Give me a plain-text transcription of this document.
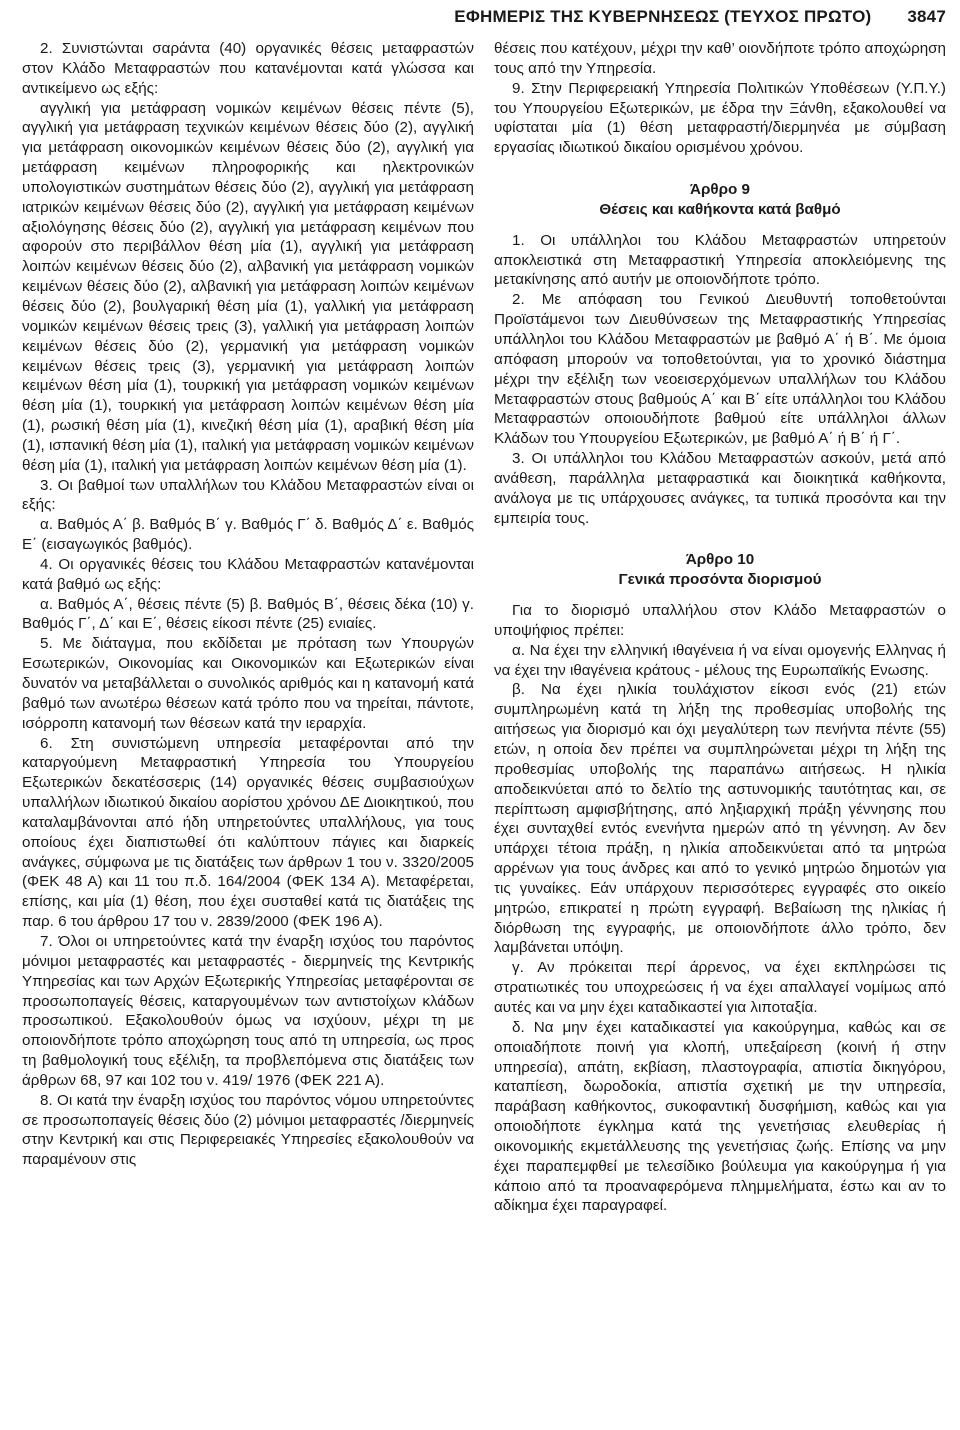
ΕΦΗΜΕΡΙΣ ΤΗΣ ΚΥΒΕΡΝΗΣΕΩΣ (ΤΕΥΧΟΣ ΠΡΩΤΟ) 3847

2. Συνιστώνται σαράντα (40) οργανικές θέσεις μεταφραστών στον Κλάδο Μεταφραστών που κατανέμονται κατά γλώσσα και αντικείμενο ως εξής:

αγγλική για μετάφραση νομικών κειμένων θέσεις πέντε (5), αγγλική για μετάφραση τεχνικών κειμένων θέσεις δύο (2), αγγλική για μετάφραση οικονομικών κειμένων θέσεις δύο (2), αγγλική για μετάφραση κειμένων πληροφορικής και ηλεκτρονικών υπολογιστικών συστημάτων θέσεις δύο (2), αγγλική για μετάφραση ιατρικών κειμένων θέσεις δύο (2), αγγλική για μετάφραση κειμένων αξιολόγησης θέσεις δύο (2), αγγλική για μετάφραση κειμένων που αφορούν στο περιβάλλον θέση μία (1), αγγλική για μετάφραση λοιπών κειμένων θέσεις δύο (2), αλβανική για μετάφραση νομικών κειμένων θέσεις δύο (2), αλβανική για μετάφραση λοιπών κειμένων θέσεις δύο (2), βουλγαρική θέση μία (1), γαλλική για μετάφραση νομικών κειμένων θέσεις τρεις (3), γαλλική για μετάφραση λοιπών κειμένων θέσεις δύο (2), γερμανική για μετάφραση νομικών κειμένων θέσεις τρεις (3), γερμανική για μετάφραση λοιπών κειμένων θέση μία (1), τουρκική για μετάφραση νομικών κειμένων θέση μία (1), τουρκική για μετάφραση λοιπών κειμένων θέση μία (1), ρωσική θέση μία (1), κινεζική θέση μία (1), αραβική θέση μία (1), ισπανική θέση μία (1), ιταλική για μετάφραση νομικών κειμένων θέση μία (1), ιταλική για μετάφραση λοιπών κειμένων θέση μία (1).

3. Οι βαθμοί των υπαλλήλων του Κλάδου Μεταφραστών είναι οι εξής:

α. Βαθμός Α΄ β. Βαθμός Β΄ γ. Βαθμός Γ΄ δ. Βαθμός Δ΄ ε. Βαθμός Ε΄ (εισαγωγικός βαθμός).

4. Οι οργανικές θέσεις του Κλάδου Μεταφραστών κατανέμονται κατά βαθμό ως εξής:

α. Βαθμός Α΄, θέσεις πέντε (5) β. Βαθμός Β΄, θέσεις δέκα (10) γ. Βαθμός Γ΄, Δ΄ και Ε΄, θέσεις είκοσι πέντε (25) ενιαίες.

5. Με διάταγμα, που εκδίδεται με πρόταση των Υπουργών Εσωτερικών, Οικονομίας και Οικονομικών και Εξωτερικών είναι δυνατόν να μεταβάλλεται ο συνολικός αριθμός και η κατανομή κατά βαθμό των ανωτέρω θέσεων κατά τρόπο που να τηρείται, πάντοτε, ισόρροπη κατανομή των θέσεων κατά την ιεραρχία.

6. Στη συνιστώμενη υπηρεσία μεταφέρονται από την καταργούμενη Μεταφραστική Υπηρεσία του Υπουργείου Εξωτερικών δεκατέσσερις (14) οργανικές θέσεις συμβασιούχων υπαλλήλων ιδιωτικού δικαίου αορίστου χρόνου ΔΕ Διοικητικού, που καταλαμβάνονται από ήδη υπηρετούντες υπαλλήλους, για τους οποίους έχει διαπιστωθεί ότι καλύπτουν πάγιες και διαρκείς ανάγκες, σύμφωνα με τις διατάξεις των άρθρων 1 του ν. 3320/2005 (ΦΕΚ 48 Α) και 11 του π.δ. 164/2004 (ΦΕΚ 134 Α). Μεταφέρεται, επίσης, και μία (1) θέση, που έχει συσταθεί κατά τις διατάξεις της παρ. 6 του άρθρου 17 του ν. 2839/2000 (ΦΕΚ 196 Α).

7. Όλοι οι υπηρετούντες κατά την έναρξη ισχύος του παρόντος μόνιμοι μεταφραστές και μεταφραστές - διερμηνείς της Κεντρικής Υπηρεσίας και των Αρχών Εξωτερικής Υπηρεσίας μεταφέρονται σε προσωποπαγείς θέσεις, καταργουμένων των αντιστοίχων κλάδων προσωπικού. Εξακολουθούν όμως να ισχύουν, μέχρι τη με οποιονδήποτε τρόπο αποχώρηση τους από τη υπηρεσία, ως προς τη βαθμολογική τους εξέλιξη, τα προβλεπόμενα στις διατάξεις των άρθρων 68, 97 και 102 του ν. 419/ 1976 (ΦΕΚ 221 Α).

8. Οι κατά την έναρξη ισχύος του παρόντος νόμου υπηρετούντες σε προσωποπαγείς θέσεις δύο (2) μόνιμοι μεταφραστές /διερμηνείς στην Κεντρική και στις Περιφερειακές Υπηρεσίες εξακολουθούν να παραμένουν στις

θέσεις που κατέχουν, μέχρι την καθ’ οιονδήποτε τρόπο αποχώρηση τους από την Υπηρεσία.

9. Στην Περιφερειακή Υπηρεσία Πολιτικών Υποθέσεων (Υ.Π.Υ.) του Υπουργείου Εξωτερικών, με έδρα την Ξάνθη, εξακολουθεί να υφίσταται μία (1) θέση μεταφραστή/διερμηνέα με σύμβαση εργασίας ιδιωτικού δικαίου ορισμένου χρόνου.

Άρθρο 9
Θέσεις και καθήκοντα κατά βαθμό

1. Οι υπάλληλοι του Κλάδου Μεταφραστών υπηρετούν αποκλειστικά στη Μεταφραστική Υπηρεσία αποκλειόμενης της μετακίνησης από αυτήν με οποιονδήποτε τρόπο.

2. Με απόφαση του Γενικού Διευθυντή τοποθετούνται Προϊστάμενοι των Διευθύνσεων της Μεταφραστικής Υπηρεσίας υπάλληλοι του Κλάδου Μεταφραστών με βαθμό Α΄ ή Β΄. Με όμοια απόφαση μπορούν να τοποθετούνται, για το χρονικό διάστημα μέχρι την εξέλιξη των νεοεισερχόμενων υπαλλήλων του Κλάδου Μεταφραστών στους βαθμούς Α΄ και Β΄ είτε υπάλληλοι του Κλάδου Μεταφραστών οποιουδήποτε βαθμού είτε υπάλληλοι άλλων Κλάδων του Υπουργείου Εξωτερικών, με βαθμό Α΄ ή Β΄ ή Γ΄.

3. Οι υπάλληλοι του Κλάδου Μεταφραστών ασκούν, μετά από ανάθεση, παράλληλα μεταφραστικά και διοικητικά καθήκοντα, ανάλογα με τις υπάρχουσες ανάγκες, τα τυπικά προσόντα και την εμπειρία τους.

Άρθρο 10
Γενικά προσόντα διορισμού

Για το διορισμό υπαλλήλου στον Κλάδο Μεταφραστών ο υποψήφιος πρέπει:

α. Να έχει την ελληνική ιθαγένεια ή να είναι ομογενής Ελληνας ή να έχει την ιθαγένεια κράτους - μέλους της Ευρωπαϊκής Ενωσης.

β. Να έχει ηλικία τουλάχιστον είκοσι ενός (21) ετών συμπληρωμένη κατά τη λήξη της προθεσμίας υποβολής της αιτήσεως για διορισμό και όχι μεγαλύτερη των πενήντα πέντε (55) ετών, η οποία δεν πρέπει να συμπληρώνεται μέχρι τη λήξη της προθεσμίας υποβολής της παραπάνω αιτήσεως. Η ηλικία αποδεικνύεται από το δελτίο της αστυνομικής ταυτότητας και, σε περίπτωση αμφισβήτησης, από ληξιαρχική πράξη γέννησης που έχει συνταχθεί εντός ενενήντα ημερών από τη γέννηση. Αν δεν υπάρχει τέτοια πράξη, η ηλικία αποδεικνύεται από τα μητρώα αρρένων για τους άνδρες και από το γενικό μητρώο δημοτών για τις γυναίκες. Εάν υπάρχουν περισσότερες εγγραφές στο οικείο μητρώο, επικρατεί η πρώτη εγγραφή. Βεβαίωση της ηλικίας ή διόρθωση της εγγραφής, με οποιονδήποτε άλλο τρόπο, δεν λαμβάνεται υπόψη.

γ. Αν πρόκειται περί άρρενος, να έχει εκπληρώσει τις στρατιωτικές του υποχρεώσεις ή να έχει απαλλαγεί νομίμως από αυτές και να μην έχει καταδικαστεί για λιποταξία.

δ. Να μην έχει καταδικαστεί για κακούργημα, καθώς και σε οποιαδήποτε ποινή για κλοπή, υπεξαίρεση (κοινή ή στην υπηρεσία), απάτη, εκβίαση, πλαστογραφία, απιστία δικηγόρου, καταπίεση, δωροδοκία, απιστία σχετική με την υπηρεσία, παράβαση καθήκοντος, συκοφαντική δυσφήμιση, καθώς και για οποιοδήποτε έγκλημα κατά της γενετήσιας ελευθερίας ή οικονομικής εκμετάλλευσης της γενετήσιας ζωής. Επίσης να μην έχει παραπεμφθεί με τελεσίδικο βούλευμα για κακούργημα ή για κάποιο από τα προαναφερόμενα πλημμελήματα, έστω και αν το αδίκημα έχει παραγραφεί.
